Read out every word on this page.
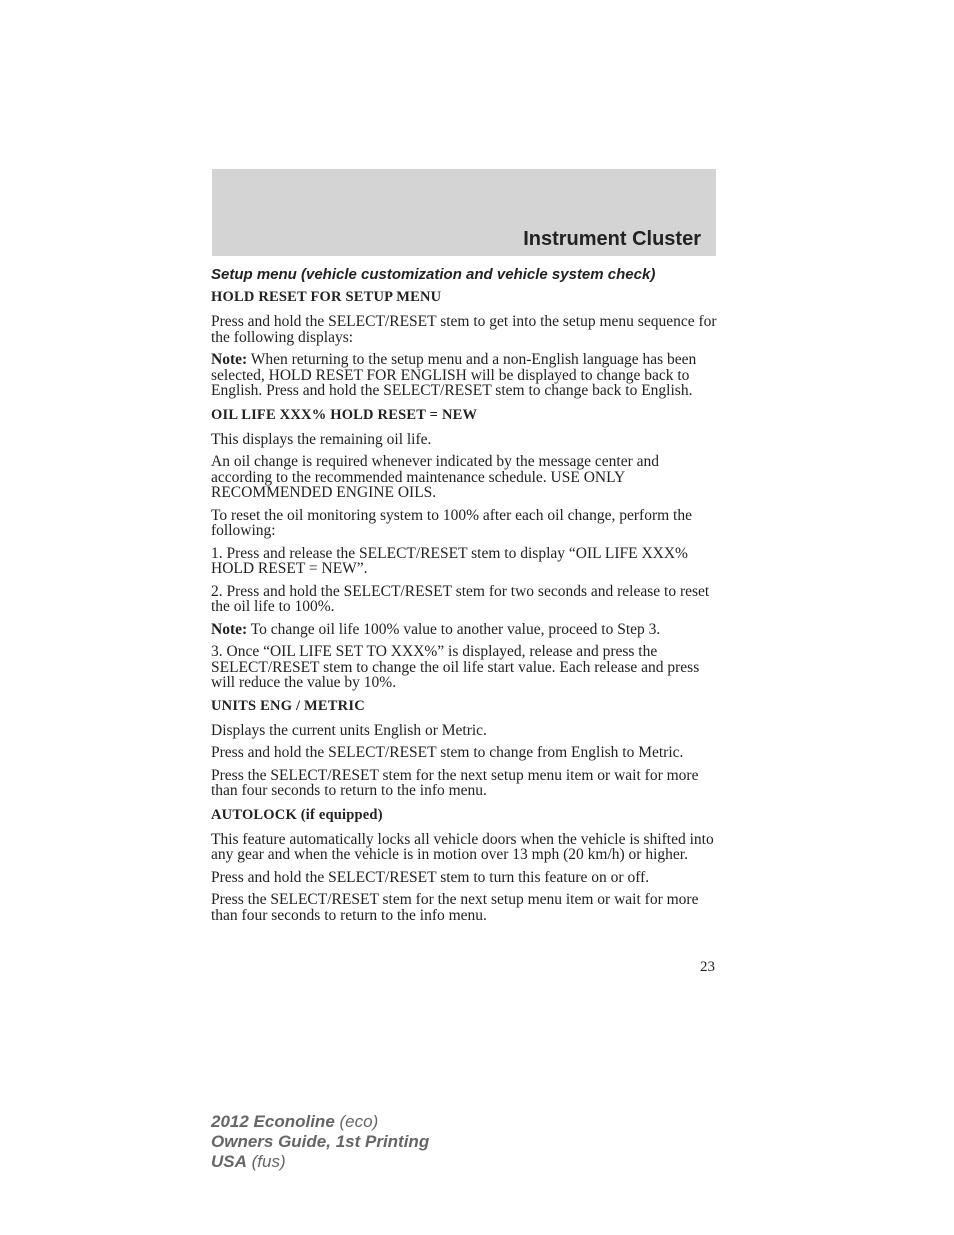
Instrument Cluster
Setup menu (vehicle customization and vehicle system check)
HOLD RESET FOR SETUP MENU

Press and hold the SELECT/RESET stem to get into the setup menu sequence for the following displays:

Note: When returning to the setup menu and a non-English language has been selected, HOLD RESET FOR ENGLISH will be displayed to change back to English. Press and hold the SELECT/RESET stem to change back to English.

OIL LIFE XXX% HOLD RESET = NEW

This displays the remaining oil life.

An oil change is required whenever indicated by the message center and according to the recommended maintenance schedule. USE ONLY RECOMMENDED ENGINE OILS.

To reset the oil monitoring system to 100% after each oil change, perform the following:

1. Press and release the SELECT/RESET stem to display “OIL LIFE XXX% HOLD RESET = NEW”.

2. Press and hold the SELECT/RESET stem for two seconds and release to reset the oil life to 100%.

Note: To change oil life 100% value to another value, proceed to Step 3.

3. Once “OIL LIFE SET TO XXX%” is displayed, release and press the SELECT/RESET stem to change the oil life start value. Each release and press will reduce the value by 10%.

UNITS ENG / METRIC

Displays the current units English or Metric.

Press and hold the SELECT/RESET stem to change from English to Metric.

Press the SELECT/RESET stem for the next setup menu item or wait for more than four seconds to return to the info menu.

AUTOLOCK (if equipped)

This feature automatically locks all vehicle doors when the vehicle is shifted into any gear and when the vehicle is in motion over 13 mph (20 km/h) or higher.

Press and hold the SELECT/RESET stem to turn this feature on or off.

Press the SELECT/RESET stem for the next setup menu item or wait for more than four seconds to return to the info menu.

23
2012 Econoline (eco)
Owners Guide, 1st Printing
USA (fus)
